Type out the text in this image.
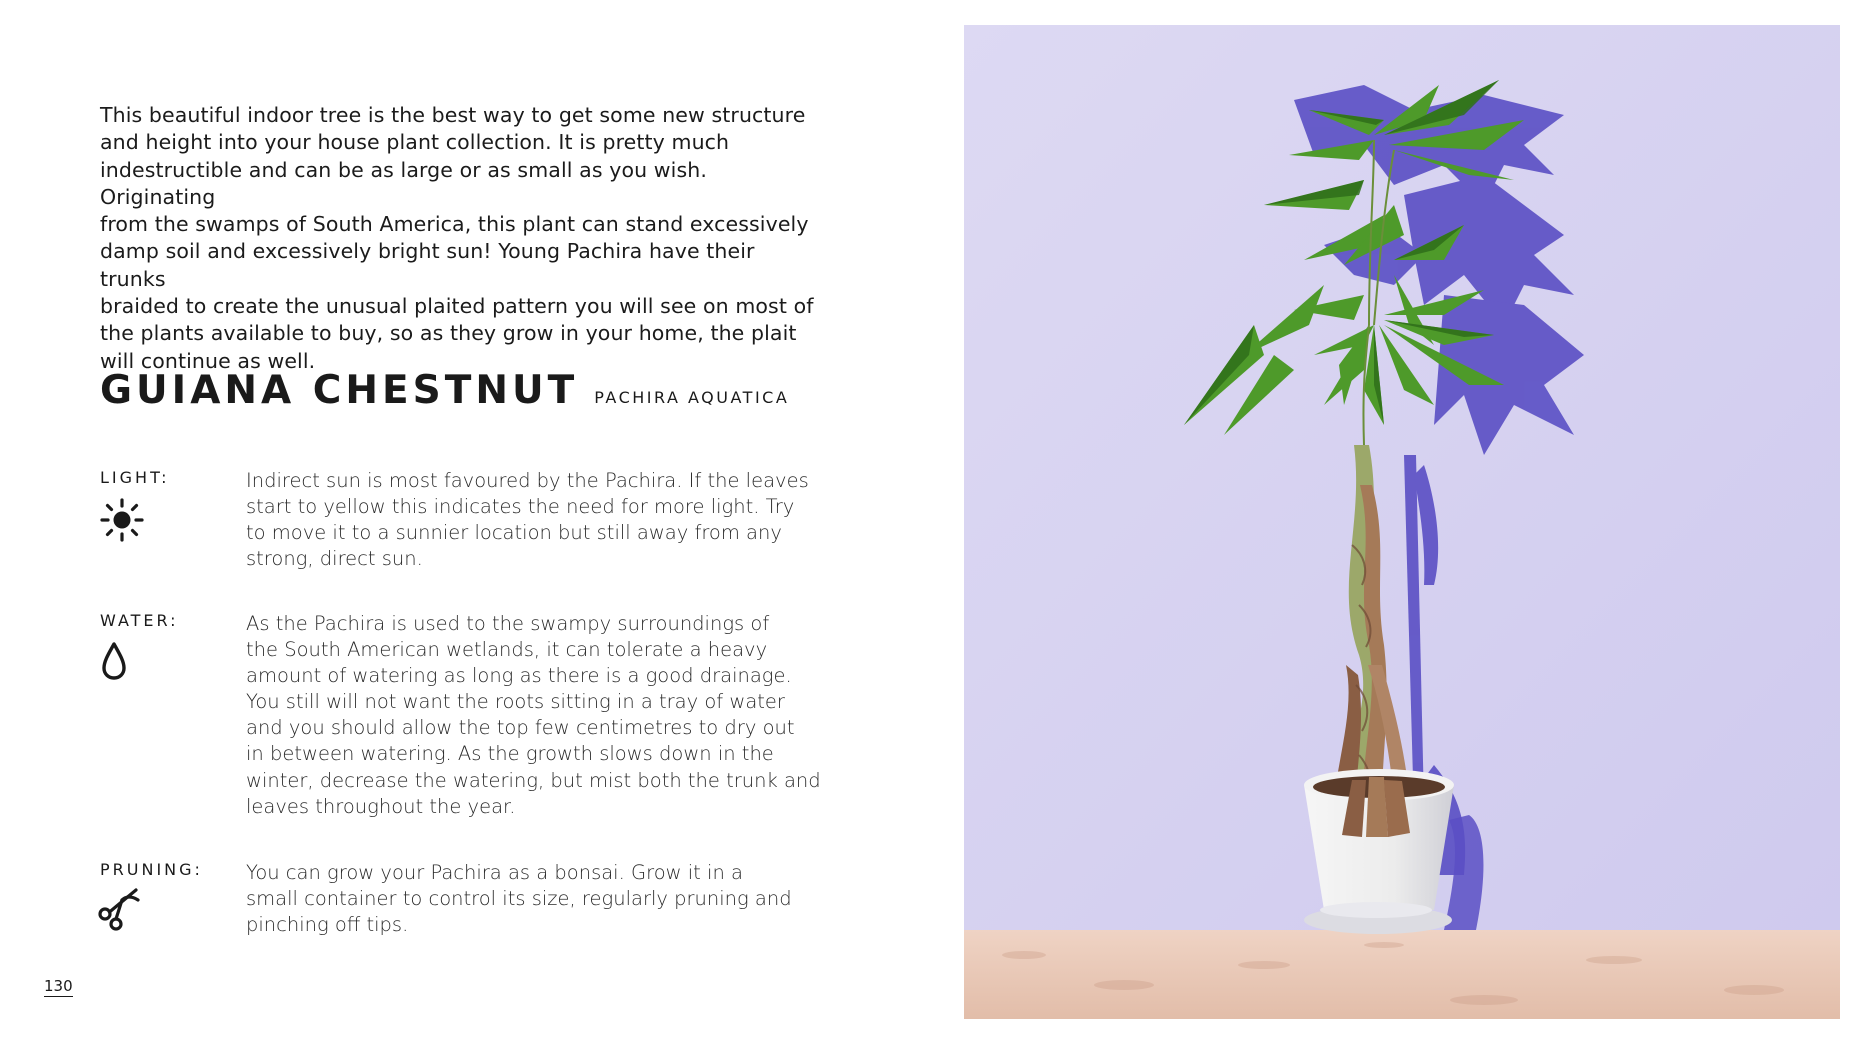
This beautiful indoor tree is the best way to get some new structure

and height into your house plant collection. It is pretty much

indestructible and can be as large or as small as you wish. Originating

from the swamps of South America, this plant can stand excessively

damp soil and excessively bright sun! Young Pachira have their trunks

braided to create the unusual plaited pattern you will see on most of

the plants available to buy, so as they grow in your home, the plait

will continue as well.

GUIANA CHESTNUT PACHIRA AQUATICA
LIGHT:	Indirect sun is most favoured by the Pachira. If the leaves

start to yellow this indicates the need for more light. Try

to move it to a sunnier location but still away from any

strong, direct sun.

WATER:	As the Pachira is used to the swampy surroundings of

the South American wetlands, it can tolerate a heavy

amount of watering as long as there is a good drainage.

You still will not want the roots sitting in a tray of water

and you should allow the top few centimetres to dry out

in between watering. As the growth slows down in the

winter, decrease the watering, but mist both the trunk and

leaves throughout the year.

PRUNING: You can grow your Pachira as a bonsai. Grow it in a

small container to control its size, regularly pruning and

pinching off tips.

130
